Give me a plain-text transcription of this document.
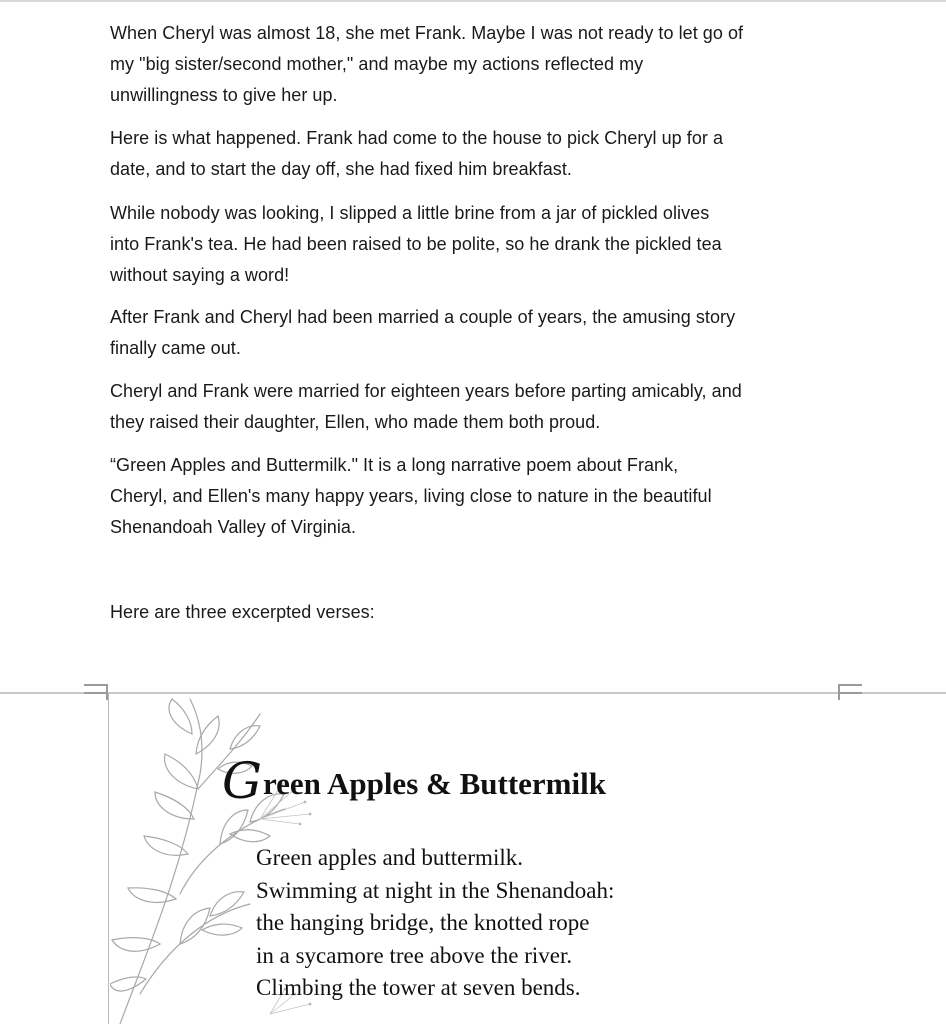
When Cheryl was almost 18, she met Frank. Maybe I was not ready to let go of
my "big sister/second mother," and maybe my actions reflected my
unwillingness to give her up.

Here is what happened. Frank had come to the house to pick Cheryl up for a
date, and to start the day off, she had fixed him breakfast.

While nobody was looking, I slipped a little brine from a jar of pickled olives
into Frank's tea. He had been raised to be polite, so he drank the pickled tea
without saying a word!

After Frank and Cheryl had been married a couple of years, the amusing story
finally came out.

Cheryl and Frank were married for eighteen years before parting amicably, and
they raised their daughter, Ellen, who made them both proud.

“Green Apples and Buttermilk." It is a long narrative poem about Frank,
Cheryl, and Ellen's many happy years, living close to nature in the beautiful
Shenandoah Valley of Virginia.

Here are three excerpted verses:

Green Apples & Buttermilk
Green apples and buttermilk.
Swimming at night in the Shenandoah:
the hanging bridge, the knotted rope
in a sycamore tree above the river.
Climbing the tower at seven bends.
